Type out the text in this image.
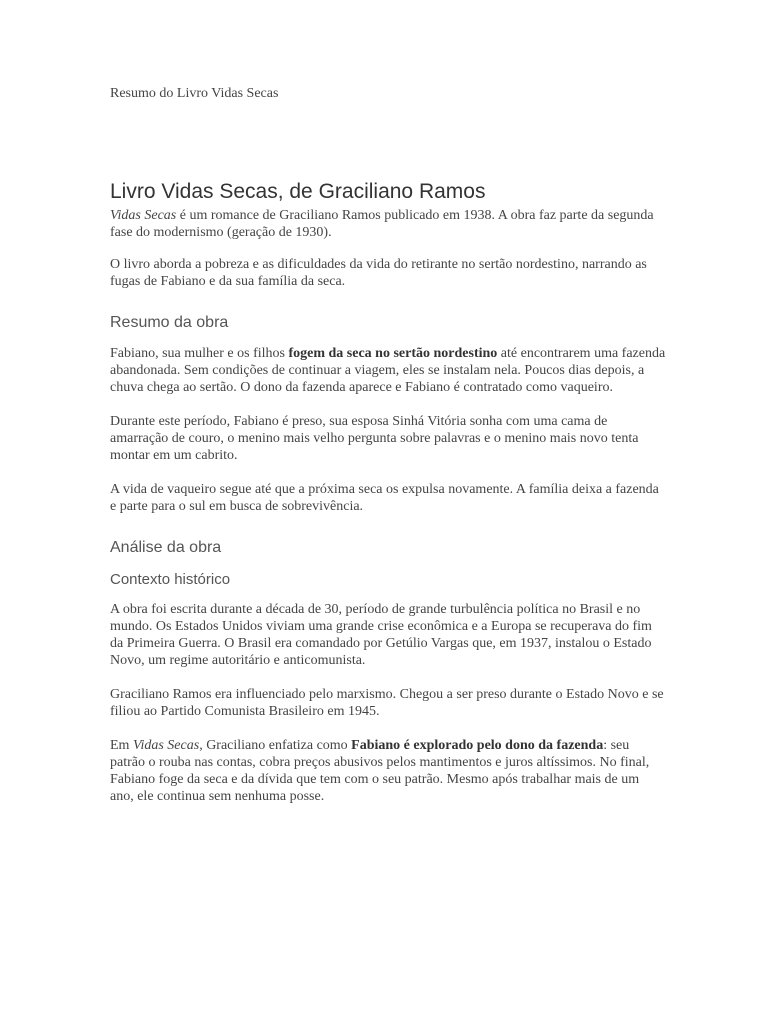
Resumo do Livro Vidas Secas
Livro Vidas Secas, de Graciliano Ramos

Vidas Secas é um romance de Graciliano Ramos publicado em 1938. A obra faz parte da segunda fase do modernismo (geração de 1930).

O livro aborda a pobreza e as dificuldades da vida do retirante no sertão nordestino, narrando as fugas de Fabiano e da sua família da seca.

Resumo da obra

Fabiano, sua mulher e os filhos fogem da seca no sertão nordestino até encontrarem uma fazenda abandonada. Sem condições de continuar a viagem, eles se instalam nela. Poucos dias depois, a chuva chega ao sertão. O dono da fazenda aparece e Fabiano é contratado como vaqueiro.

Durante este período, Fabiano é preso, sua esposa Sinhá Vitória sonha com uma cama de amarração de couro, o menino mais velho pergunta sobre palavras e o menino mais novo tenta montar em um cabrito.

A vida de vaqueiro segue até que a próxima seca os expulsa novamente. A família deixa a fazenda e parte para o sul em busca de sobrevivência.

Análise da obra
Contexto histórico

A obra foi escrita durante a década de 30, período de grande turbulência política no Brasil e no mundo. Os Estados Unidos viviam uma grande crise econômica e a Europa se recuperava do fim da Primeira Guerra. O Brasil era comandado por Getúlio Vargas que, em 1937, instalou o Estado Novo, um regime autoritário e anticomunista.

Graciliano Ramos era influenciado pelo marxismo. Chegou a ser preso durante o Estado Novo e se filiou ao Partido Comunista Brasileiro em 1945.

Em Vidas Secas, Graciliano enfatiza como Fabiano é explorado pelo dono da fazenda: seu patrão o rouba nas contas, cobra preços abusivos pelos mantimentos e juros altíssimos. No final, Fabiano foge da seca e da dívida que tem com o seu patrão. Mesmo após trabalhar mais de um ano, ele continua sem nenhuma posse.
